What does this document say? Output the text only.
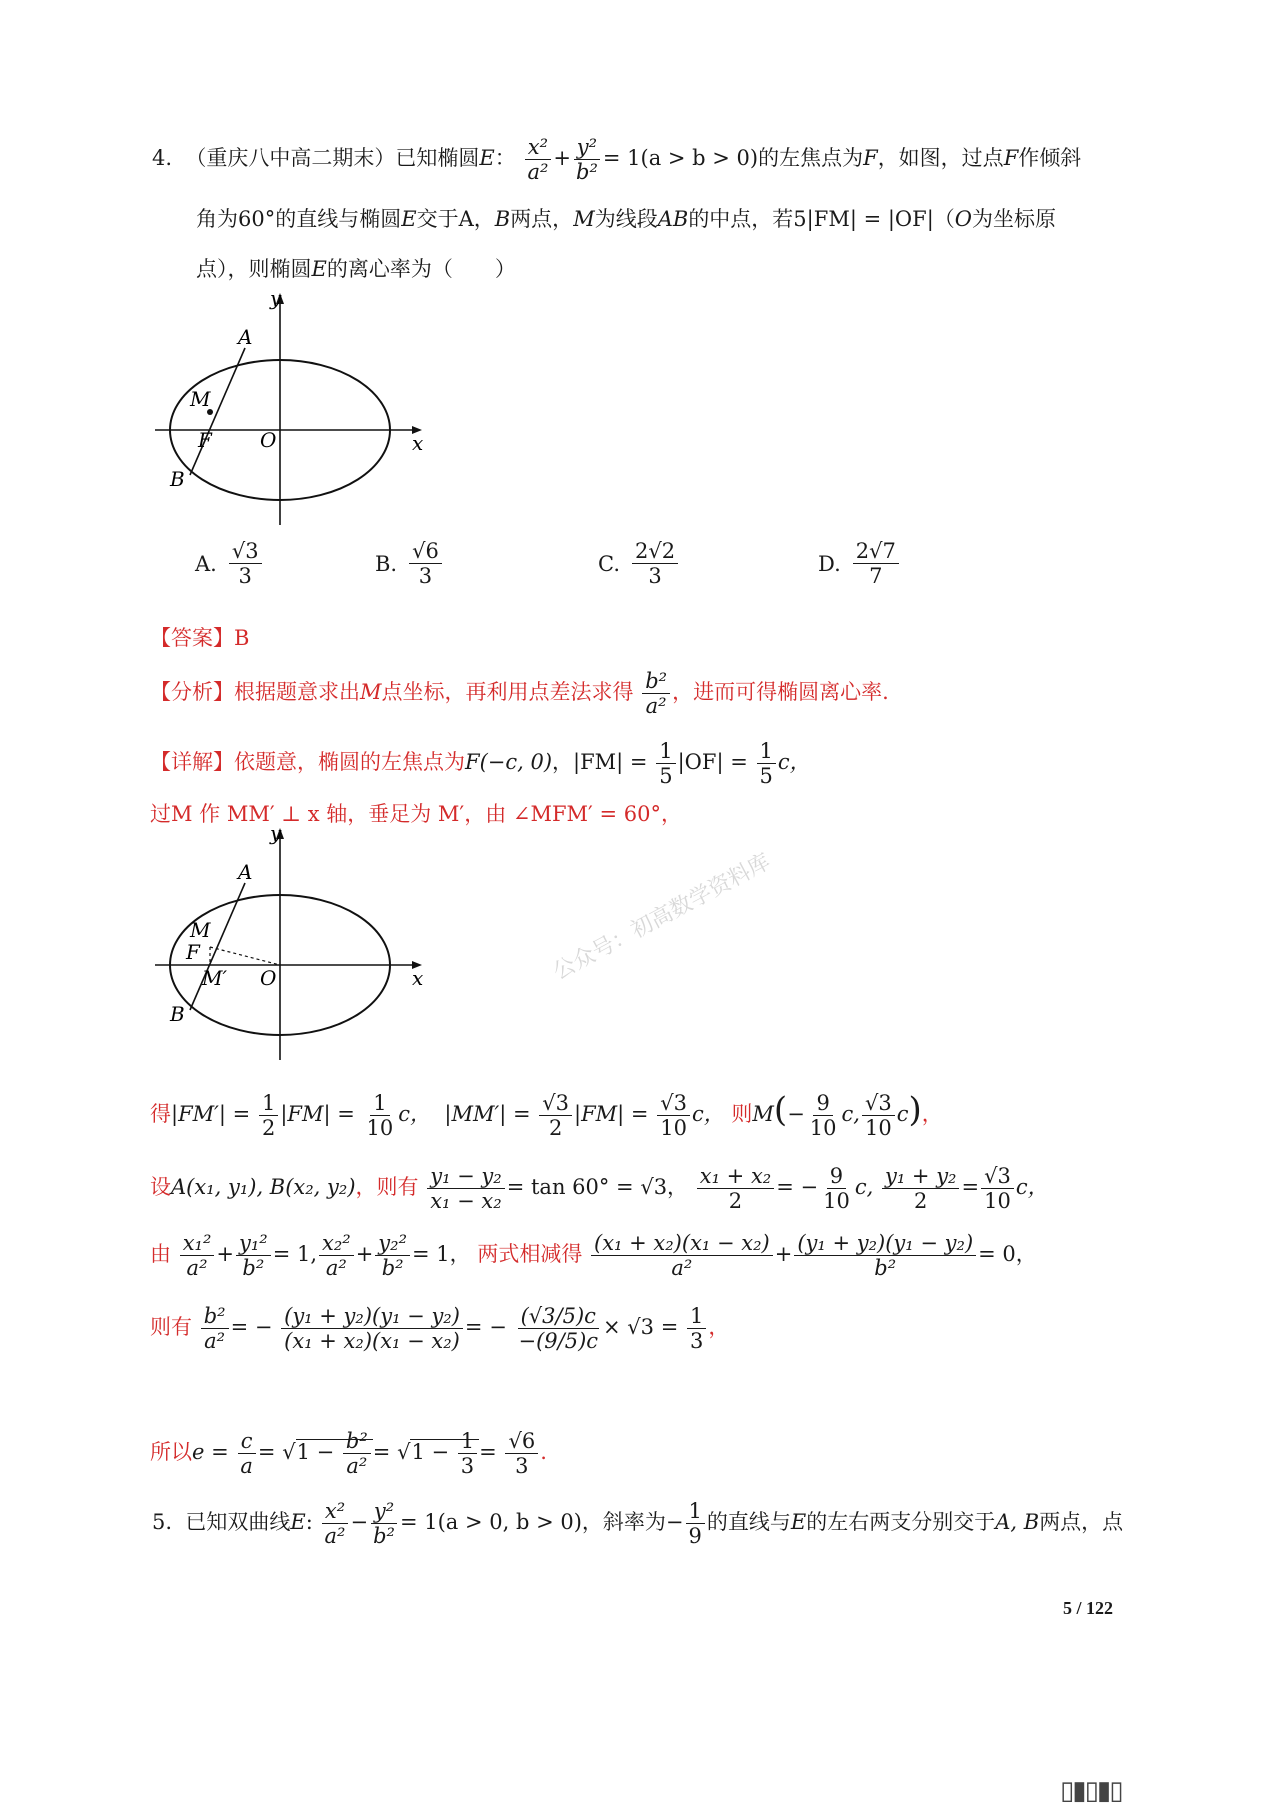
4. （重庆八中高二期末）已知椭圆E： $\frac{\text{x²}}{\text{a²}} + \frac{\text{y²}}{\text{b²}} = 1(a > b > 0)$的左焦点为F，如图，过点F作倾斜
角为60°的直线与椭圆E交于A，B两点，M为线段AB的中点，若5|FM| = |OF|（O为坐标原
点），则椭圆E的离心率为（　　）
y
x
A
M
F O
B
A. $\frac{√3}{3}$	B. $\frac{√6}{3}$	C. $\frac{2√2}{3}$	D. $\frac{2√7}{7}$
【答案】B
【分析】根据题意求出M点坐标，再利用点差法求得 $\frac{\text{b²}}{\text{a²}}$ ，进而可得椭圆离心率.
【详解】依题意，椭圆的左焦点为F(−c, 0)，$|FM| = \frac{1}{5} |OF| = \frac{1}{5}$ c，
过M 作 MM′ ⊥ x 轴，垂足为 M′，由 ∠MFM′ = 60°，
y
x
A
M
F
M′ O
B
公众号：初高数学资料库
得$|FM'| = \frac{1}{2} |FM| = \frac{1}{10}$ c， $|MM'| = \frac{√3}{2} |FM| = \frac{√3}{10}$ c， 则$M(- \frac{9}{10} c$, $\frac{√3}{10} c$)，
设A(x₁, y₁), B(x₂, y₂)，则有 $\frac{\text{y₁ − y₂}}{\text{x₁ − x₂}} = \tan 60^\circ = √3$， $\frac{\text{x₁ + x₂}}{2}$ = − $\frac{9}{10} c$, $\frac{\text{y₁ + y₂}}{2} = \frac{√3}{10}$ c，
由 $\frac{\text{x₁²}}{\text{a²}} + \frac{\text{y₁²}}{\text{b²}} = 1$, $\frac{\text{x₂²}}{\text{a²}} + \frac{\text{y₂²}}{\text{b²}} = 1$， 两式相减得 $\frac{\text{(x₁ + x₂)(x₁ − x₂)}}{\text{a²}} + \frac{\text{(y₁ + y₂)(y₁ − y₂)}}{\text{b²}} = 0$，
则有 $\frac{\text{b²}}{\text{a²}}$ = − $\frac{\text{(y₁ + y₂)(y₁ − y₂)}}{\text{(x₁ + x₂)(x₁ − x₂)}}$ = − $\frac{(√3/5)c}{-(9/5)c} \times √3 = \frac{1}{3}$ ，
所以$e = \frac{c}{a} = √1 - \frac{\text{b²}}{\text{a²}} = √1 - \frac{1}{3} = \frac{√6}{3}$ .
5. 已知双曲线E: $\frac{\text{x²}}{\text{a²}} - \frac{\text{y²}}{\text{b²}} = 1(a > 0$, b > 0)，斜率为− $\frac{1}{9}$ 的直线与E的左右两支分别交于A, B两点，点
5 / 122
▯▮▯▮▯
